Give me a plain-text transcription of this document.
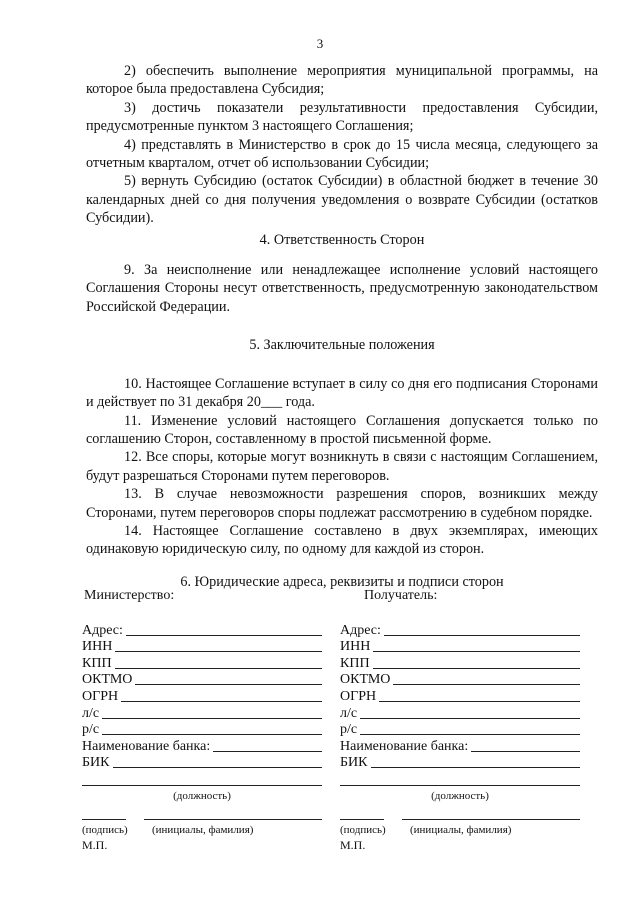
3

2) обеспечить выполнение мероприятия муниципальной программы, на которое была предоставлена Субсидия;

3) достичь показатели результативности предоставления Субсидии, предусмотренные пунктом 3 настоящего Соглашения;

4) представлять в Министерство в срок до 15 числа месяца, следующего за отчетным кварталом, отчет об использовании Субсидии;

5) вернуть Субсидию (остаток Субсидии) в областной бюджет в течение 30 календарных дней со дня получения уведомления о возврате Субсидии (остатков Субсидии).

4. Ответственность Сторон

9. За неисполнение или ненадлежащее исполнение условий настоящего Соглашения Стороны несут ответственность, предусмотренную законодательством Российской Федерации.

5. Заключительные положения

10. Настоящее Соглашение вступает в силу со дня его подписания Сторонами и действует по 31 декабря 20___ года.

11. Изменение условий настоящего Соглашения допускается только по соглашению Сторон, составленному в простой письменной форме.

12. Все споры, которые могут возникнуть в связи с настоящим Соглашением, будут разрешаться Сторонами путем переговоров.

13. В случае невозможности разрешения споров, возникших между Сторонами, путем переговоров споры подлежат рассмотрению в судебном порядке.

14. Настоящее Соглашение составлено в двух экземплярах, имеющих одинаковую юридическую силу, по одному для каждой из сторон.

6. Юридические адреса, реквизиты и подписи сторон

Министерство:
Адрес:
ИНН
КПП
ОКТМО
ОГРН
л/с
р/с
Наименование банка:
БИК
(должность)
(подпись)	(инициалы, фамилия)
М.П.
Получатель:
Адрес:
ИНН
КПП
ОКТМО
ОГРН
л/с
р/с
Наименование банка:
БИК
(должность)
(подпись)	(инициалы, фамилия)
М.П.
